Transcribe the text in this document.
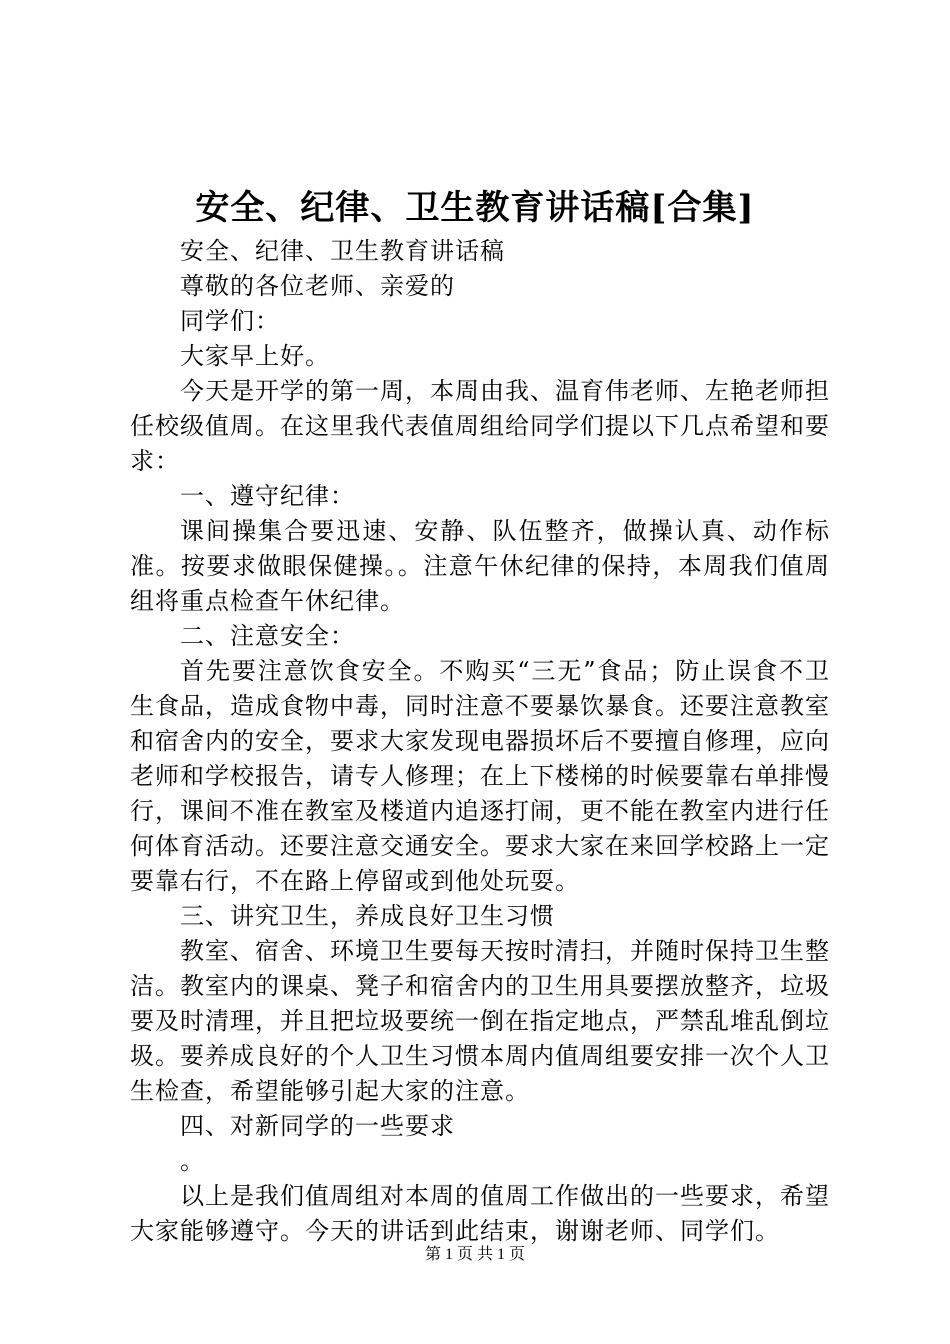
安全、纪律、卫生教育讲话稿[合集]

安全、纪律、卫生教育讲话稿

尊敬的各位老师、亲爱的

同学们：

大家早上好。

今天是开学的第一周，本周由我、温育伟老师、左艳老师担任校级值周。在这里我代表值周组给同学们提以下几点希望和要求：

一、遵守纪律：

课间操集合要迅速、安静、队伍整齐，做操认真、动作标准。按要求做眼保健操。。注意午休纪律的保持，本周我们值周组将重点检查午休纪律。

二、注意安全：

首先要注意饮食安全。不购买“三无”食品；防止误食不卫生食品，造成食物中毒，同时注意不要暴饮暴食。还要注意教室和宿舍内的安全，要求大家发现电器损坏后不要擅自修理，应向老师和学校报告，请专人修理；在上下楼梯的时候要靠右单排慢行，课间不准在教室及楼道内追逐打闹，更不能在教室内进行任何体育活动。还要注意交通安全。要求大家在来回学校路上一定要靠右行，不在路上停留或到他处玩耍。

三、讲究卫生，养成良好卫生习惯

教室、宿舍、环境卫生要每天按时清扫，并随时保持卫生整洁。教室内的课桌、凳子和宿舍内的卫生用具要摆放整齐，垃圾要及时清理，并且把垃圾要统一倒在指定地点，严禁乱堆乱倒垃圾。要养成良好的个人卫生习惯本周内值周组要安排一次个人卫生检查，希望能够引起大家的注意。

四、对新同学的一些要求

。

以上是我们值周组对本周的值周工作做出的一些要求，希望大家能够遵守。今天的讲话到此结束，谢谢老师、同学们。

第 1 页 共 1 页
